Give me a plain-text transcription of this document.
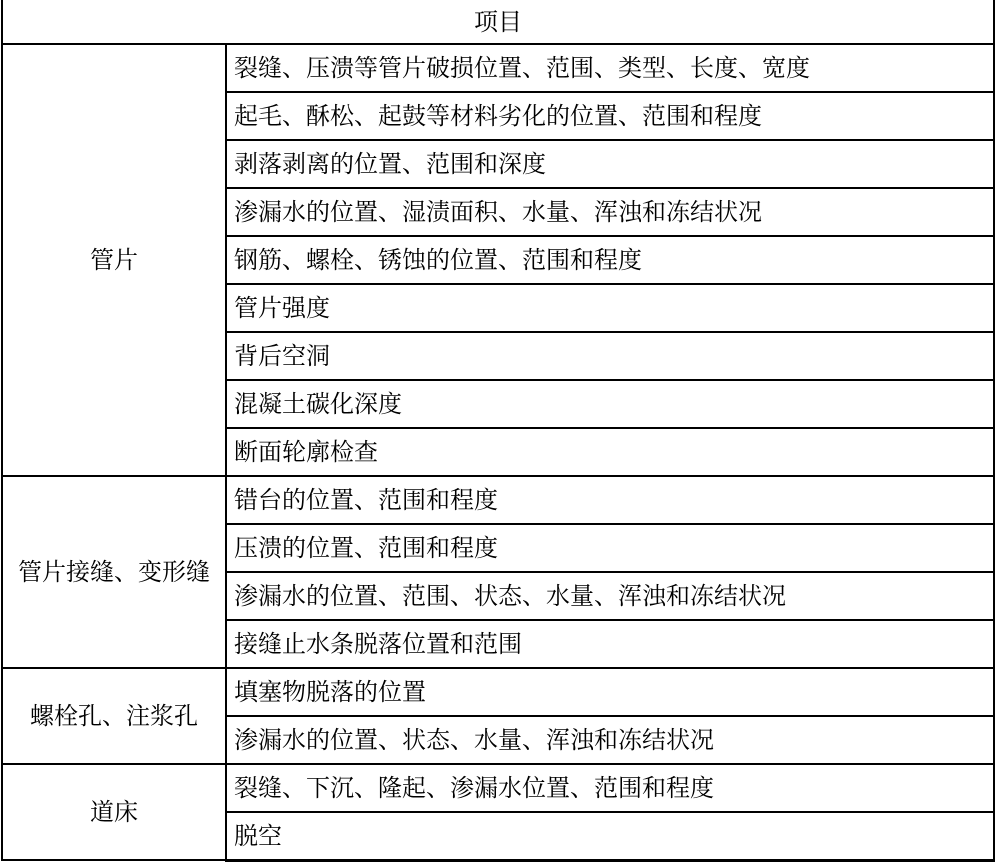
项目	
管片	裂缝、压溃等管片破损位置、范围、类型、长度、宽度
	起毛、酥松、起鼓等材料劣化的位置、范围和程度
	剥落剥离的位置、范围和深度
	渗漏水的位置、湿渍面积、水量、浑浊和冻结状况
	钢筋、螺栓、锈蚀的位置、范围和程度
	管片强度
	背后空洞
	混凝土碳化深度
	断面轮廓检查
管片接缝、变形缝	错台的位置、范围和程度
	压溃的位置、范围和程度
	渗漏水的位置、范围、状态、水量、浑浊和冻结状况
	接缝止水条脱落位置和范围
螺栓孔、注浆孔	填塞物脱落的位置
	渗漏水的位置、状态、水量、浑浊和冻结状况
道床	裂缝、下沉、隆起、渗漏水位置、范围和程度
	脱空
